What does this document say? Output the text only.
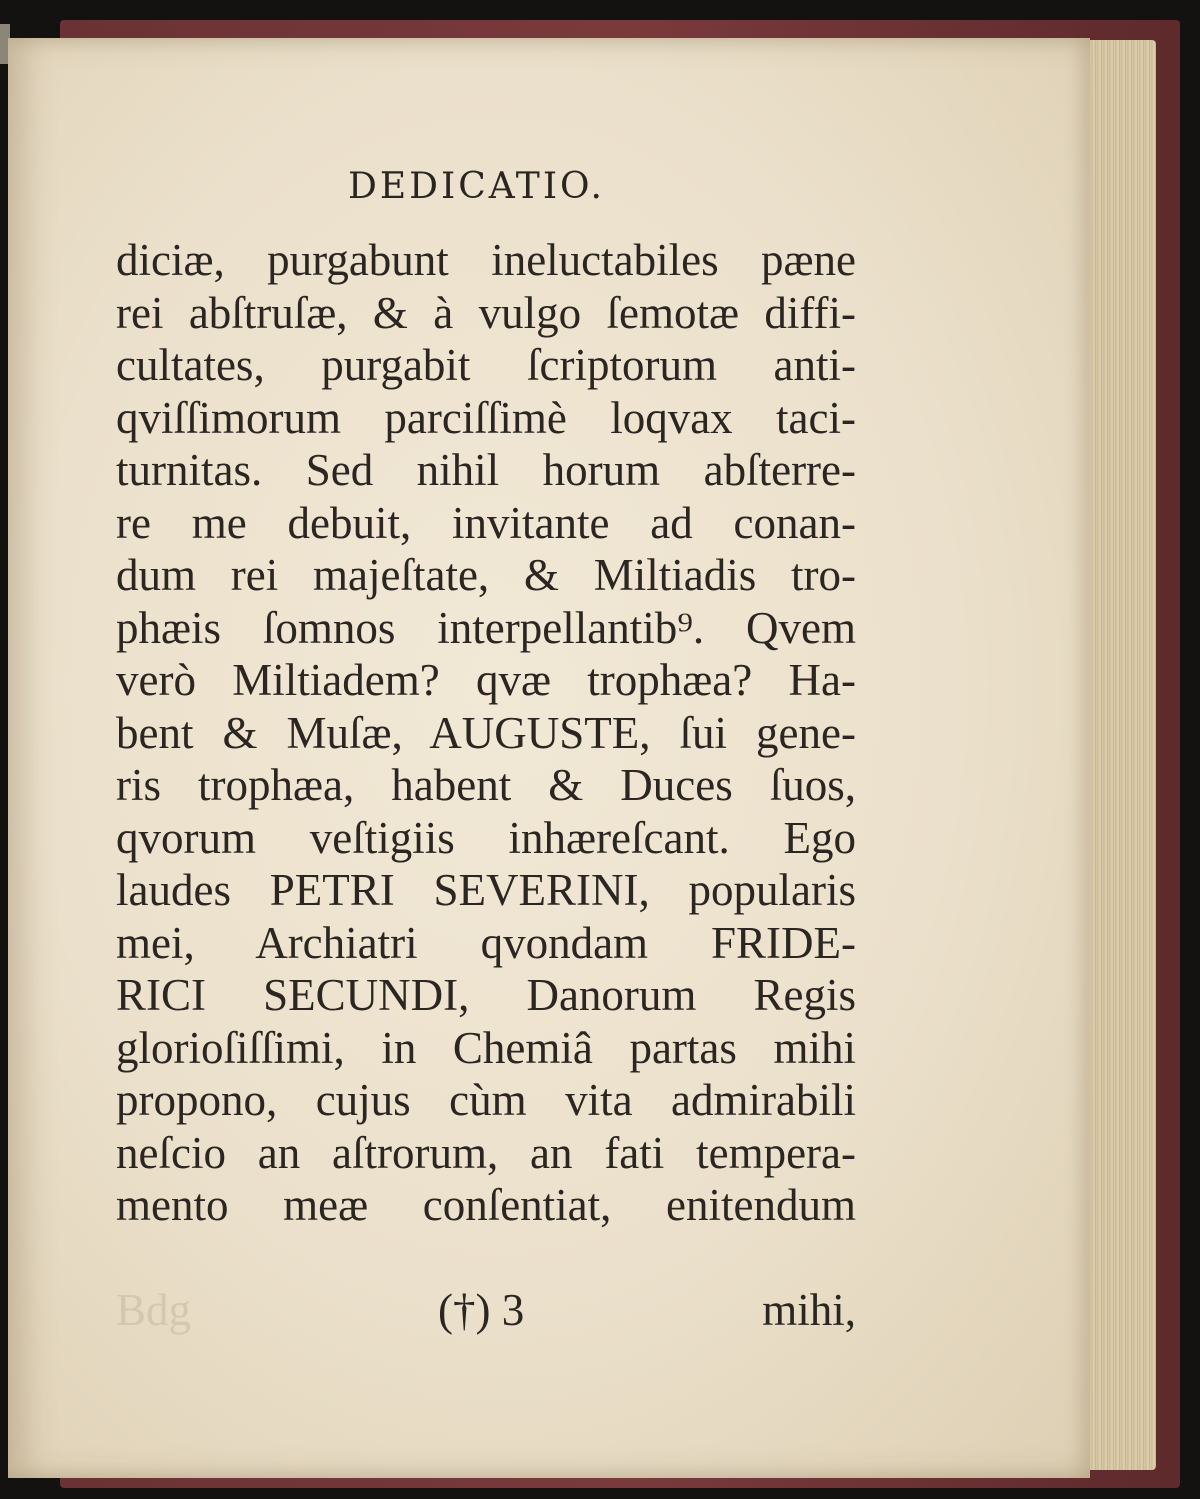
DEDICATIO.
diciæ, purgabunt ineluctabiles pæne
rei abſtruſæ, & à vulgo ſemotæ diffi-
cultates, purgabit ſcriptorum anti-
qviſſimorum parciſſimè loqvax taci-
turnitas. Sed nihil horum abſterre-
re me debuit, invitante ad conan-
dum rei majeſtate, & Miltiadis tro-
phæis ſomnos interpellantib⁹. Qvem
verò Miltiadem? qvæ trophæa? Ha-
bent & Muſæ, AUGUSTE, ſui gene-
ris trophæa, habent & Duces ſuos,
qvorum veſtigiis inhæreſcant. Ego
laudes PETRI SEVERINI, popularis
mei, Archiatri qvondam FRIDE-
RICI SECUNDI, Danorum Regis
glorioſiſſimi, in Chemiâ partas mihi
propono, cujus cùm vita admirabili
neſcio an aſtrorum, an fati tempera-
mento meæ conſentiat, enitendum
Bdg	(†) 3	mihi,
